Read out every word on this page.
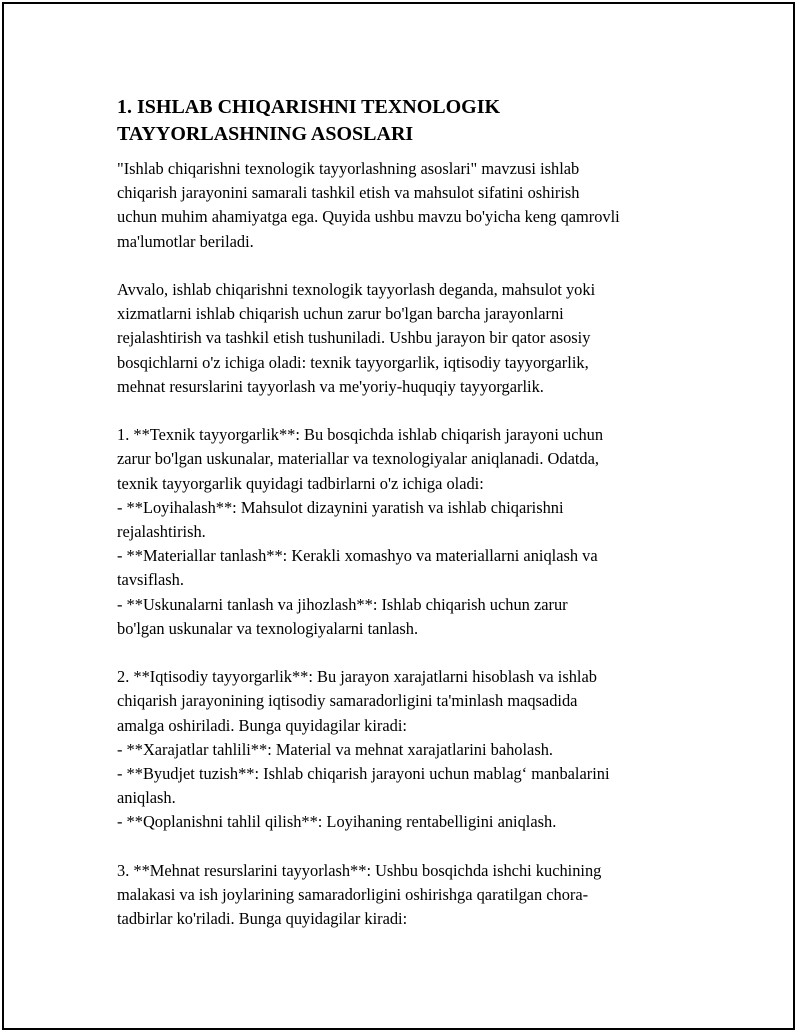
1. ISHLAB CHIQARISHNI TEXNOLOGIK
TAYYORLASHNING ASOSLARI

"Ishlab chiqarishni texnologik tayyorlashning asoslari" mavzusi ishlab
chiqarish jarayonini samarali tashkil etish va mahsulot sifatini oshirish
uchun muhim ahamiyatga ega. Quyida ushbu mavzu bo'yicha keng qamrovli
ma'lumotlar beriladi.

Avvalo, ishlab chiqarishni texnologik tayyorlash deganda, mahsulot yoki
xizmatlarni ishlab chiqarish uchun zarur bo'lgan barcha jarayonlarni
rejalashtirish va tashkil etish tushuniladi. Ushbu jarayon bir qator asosiy
bosqichlarni o'z ichiga oladi: texnik tayyorgarlik, iqtisodiy tayyorgarlik,
mehnat resurslarini tayyorlash va me'yoriy-huquqiy tayyorgarlik.

1. **Texnik tayyorgarlik**: Bu bosqichda ishlab chiqarish jarayoni uchun
zarur bo'lgan uskunalar, materiallar va texnologiyalar aniqlanadi. Odatda,
texnik tayyorgarlik quyidagi tadbirlarni o'z ichiga oladi:
- **Loyihalash**: Mahsulot dizaynini yaratish va ishlab chiqarishni
rejalashtirish.
- **Materiallar tanlash**: Kerakli xomashyo va materiallarni aniqlash va
tavsiflash.
- **Uskunalarni tanlash va jihozlash**: Ishlab chiqarish uchun zarur
bo'lgan uskunalar va texnologiyalarni tanlash.

2. **Iqtisodiy tayyorgarlik**: Bu jarayon xarajatlarni hisoblash va ishlab
chiqarish jarayonining iqtisodiy samaradorligini ta'minlash maqsadida
amalga oshiriladi. Bunga quyidagilar kiradi:
- **Xarajatlar tahlili**: Material va mehnat xarajatlarini baholash.
- **Byudjet tuzish**: Ishlab chiqarish jarayoni uchun mablag‘ manbalarini
aniqlash.
- **Qoplanishni tahlil qilish**: Loyihaning rentabelligini aniqlash.

3. **Mehnat resurslarini tayyorlash**: Ushbu bosqichda ishchi kuchining
malakasi va ish joylarining samaradorligini oshirishga qaratilgan chora-
tadbirlar ko'riladi. Bunga quyidagilar kiradi:
